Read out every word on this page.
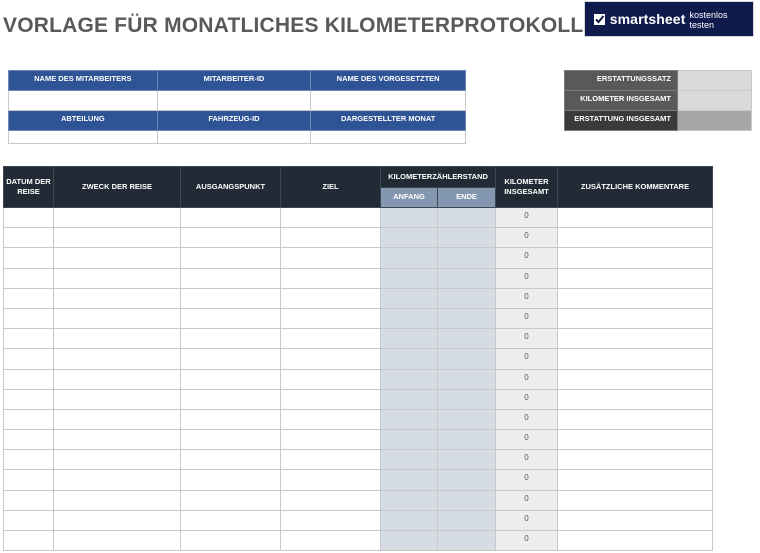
VORLAGE FÜR MONATLICHES KILOMETERPROTOKOLL smartsheet kostenlos testen
NAME DES MITARBEITERS	MITARBEITER-ID	NAME DES VORGESETZTEN

ABTEILUNG	FAHRZEUG-ID	DARGESTELLTER MONAT

ERSTATTUNGSSATZ	
KILOMETER INSGESAMT	
ERSTATTUNG INSGESAMT	
DATUM DER REISE	ZWECK DER REISE	AUSGANGSPUNKT	ZIEL	KILOMETERZÄHLERSTAND		KILOMETER INSGESAMT	ZUSÄTZLICHE KOMMENTARE
				ANFANG	ENDE		
						0	
						0	
						0	
						0	
						0	
						0	
						0	
						0	
						0	
						0	
						0	
						0	
						0	
						0	
						0	
						0	
						0	
